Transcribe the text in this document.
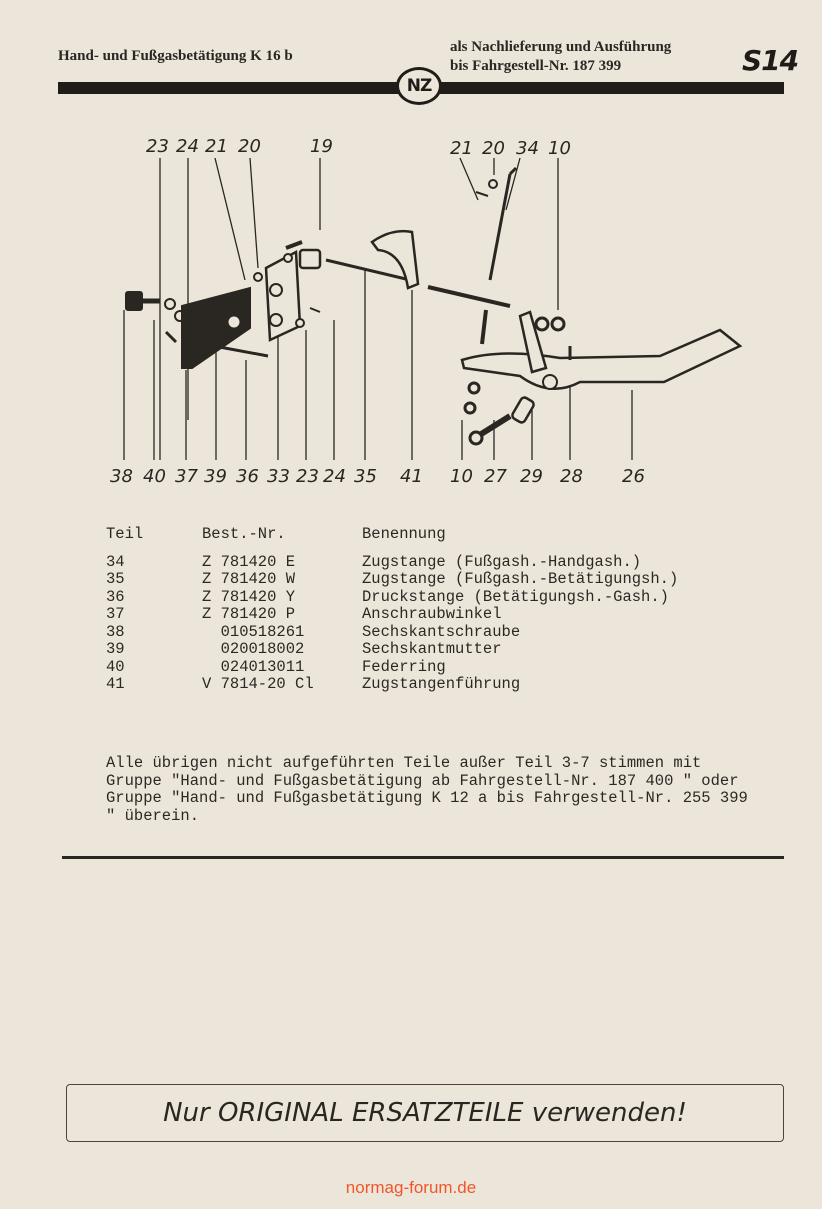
Hand- und Fußgasbetätigung K 16 b
als Nachlieferung und Ausführung
bis Fahrgestell-Nr. 187 399	S14
NZ
23 24 21 20	19	21 20 34 10
38 40 37 39 36 33 23 24 35 41 10 27 29 28 26
Teil	Best.-Nr.	Benennung
34	Z 781420 E	Zugstange (Fußgash.-Handgash.)
35	Z 781420 W	Zugstange (Fußgash.-Betätigungsh.)
36	Z 781420 Y	Druckstange (Betätigungsh.-Gash.)
37	Z 781420 P	Anschraubwinkel
38	010518261	Sechskantschraube
39	020018002	Sechskantmutter
40	024013011	Federring
41	V 7814-20 Cl	Zugstangenführung

Alle übrigen nicht aufgeführten Teile außer Teil 3-7 stimmen mit Gruppe "Hand- und Fußgasbetätigung ab Fahrgestell-Nr. 187 400 " oder Gruppe "Hand- und Fußgasbetätigung K 12 a bis Fahrgestell-Nr. 255 399 " überein.

Nur ORIGINAL ERSATZTEILE verwenden!
normag-forum.de
